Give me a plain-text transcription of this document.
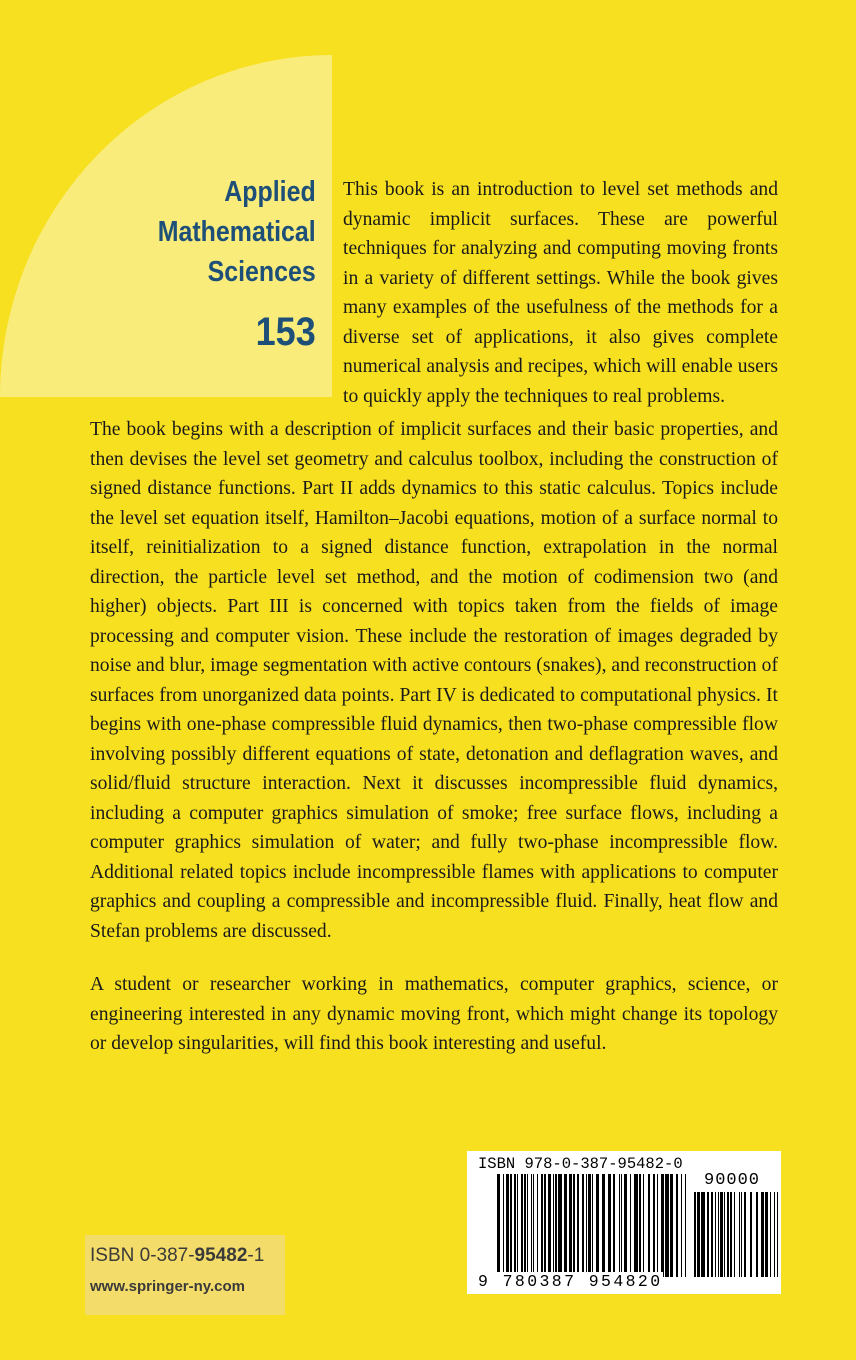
Applied
Mathematical
Sciences
153

This book is an introduction to level set methods and dynamic implicit surfaces. These are powerful techniques for analyzing and computing moving fronts in a variety of different settings. While the book gives many examples of the usefulness of the methods for a diverse set of applications, it also gives complete numerical analysis and recipes, which will enable users to quickly apply the techniques to real problems.

The book begins with a description of implicit surfaces and their basic properties, and then devises the level set geometry and calculus toolbox, including the construction of signed distance functions. Part II adds dynamics to this static calculus. Topics include the level set equation itself, Hamilton–Jacobi equations, motion of a surface normal to itself, reinitialization to a signed distance function, extrapolation in the normal direction, the particle level set method, and the motion of codimension two (and higher) objects. Part III is concerned with topics taken from the fields of image processing and computer vision. These include the restoration of images degraded by noise and blur, image segmentation with active contours (snakes), and reconstruction of surfaces from unorganized data points. Part IV is dedicated to computational physics. It begins with one-phase compressible fluid dynamics, then two-phase compressible flow involving possibly different equations of state, detonation and deflagration waves, and solid/fluid structure interaction. Next it discusses incompressible fluid dynamics, including a computer graphics simulation of smoke; free surface flows, including a computer graphics simulation of water; and fully two-phase incompressible flow. Additional related topics include incompressible flames with applications to computer graphics and coupling a compressible and incompressible fluid. Finally, heat flow and Stefan problems are discussed.

A student or researcher working in mathematics, computer graphics, science, or engineering interested in any dynamic moving front, which might change its topology or develop singularities, will find this book interesting and useful.

ISBN 0-387-95482-1
www.springer-ny.com
ISBN 978-0-387-95482-0
90000
9 780387 954820
